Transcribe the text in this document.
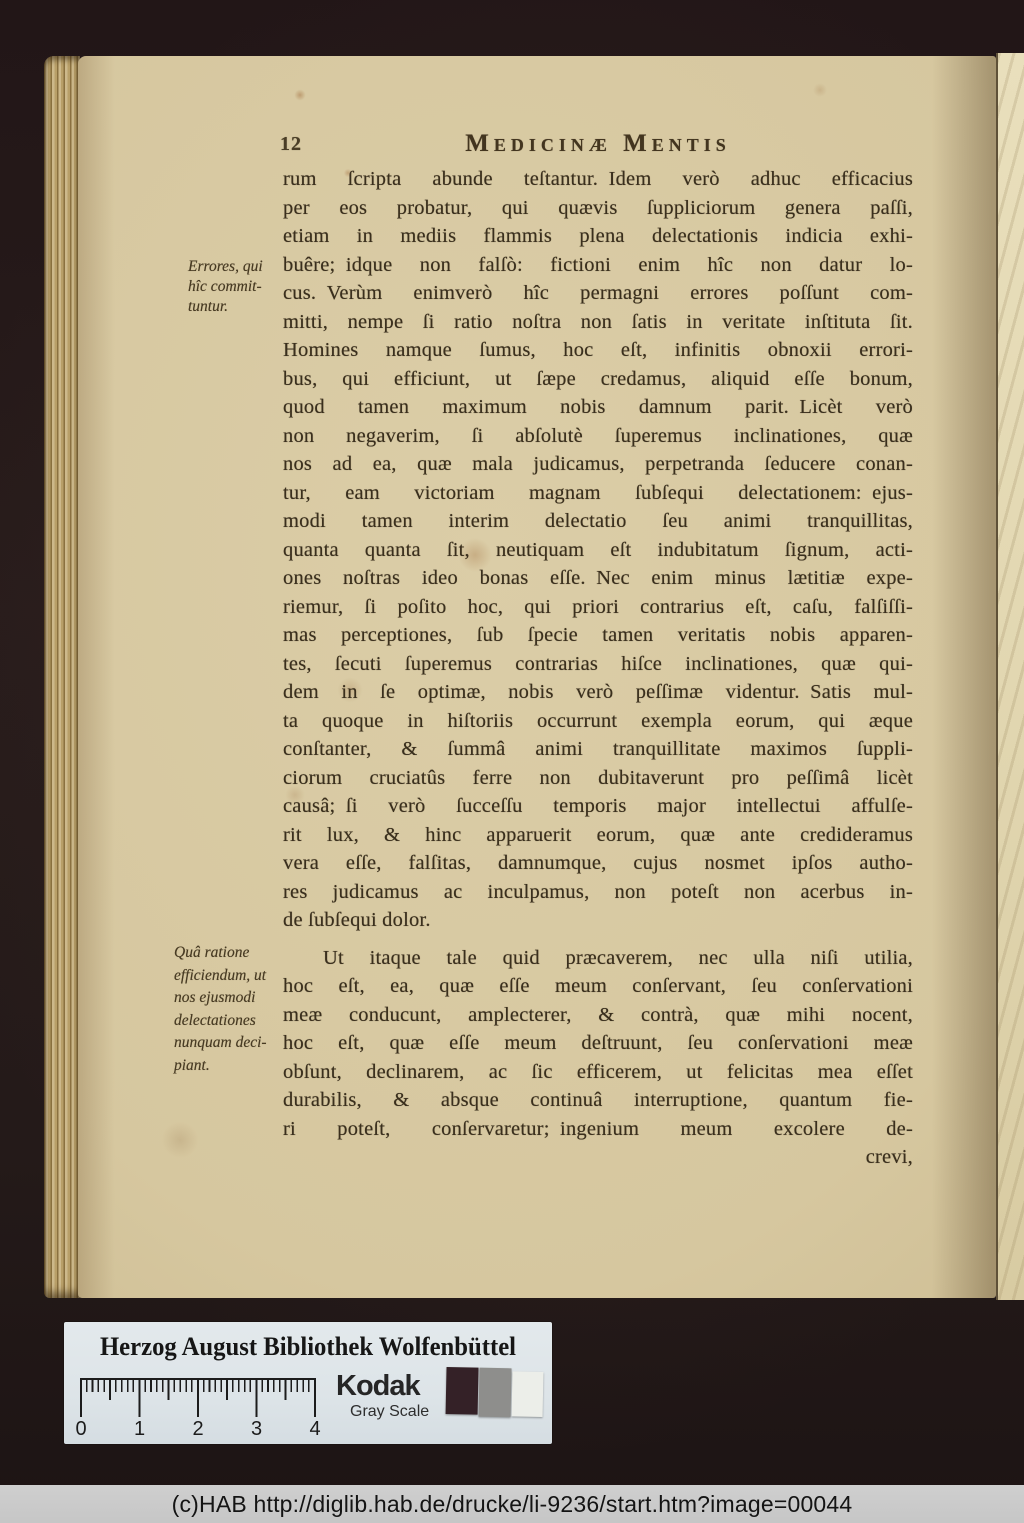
12	Medicinæ Mentis
Errores, qui
hîc commit-
tuntur.
Quâ ratione
efficiendum, ut
nos ejusmodi
delectationes
nunquam deci-
piant.
rum ſcripta abunde teſtantur. Idem verò adhuc efficacius
per eos probatur, qui quævis ſuppliciorum genera paſſi,
etiam in mediis flammis plena delectationis indicia exhi-
buêre; idque non falſò: fictioni enim hîc non datur lo-
cus. Verùm enimverò hîc permagni errores poſſunt com-
mitti, nempe ſi ratio noſtra non ſatis in veritate inſtituta ſit.
Homines namque ſumus, hoc eſt, infinitis obnoxii errori-
bus, qui efficiunt, ut ſæpe credamus, aliquid eſſe bonum,
quod tamen maximum nobis damnum parit. Licèt verò
non negaverim, ſi abſolutè ſuperemus inclinationes, quæ
nos ad ea, quæ mala judicamus, perpetranda ſeducere conan-
tur, eam victoriam magnam ſubſequi delectationem: ejus-
modi tamen interim delectatio ſeu animi tranquillitas,
quanta quanta ſit, neutiquam eſt indubitatum ſignum, acti-
ones noſtras ideo bonas eſſe. Nec enim minus lætitiæ expe-
riemur, ſi poſito hoc, qui priori contrarius eſt, caſu, falſiſſi-
mas perceptiones, ſub ſpecie tamen veritatis nobis apparen-
tes, ſecuti ſuperemus contrarias hiſce inclinationes, quæ qui-
dem in ſe optimæ, nobis verò peſſimæ videntur. Satis mul-
ta quoque in hiſtoriis occurrunt exempla eorum, qui æque
conſtanter, & ſummâ animi tranquillitate maximos ſuppli-
ciorum cruciatûs ferre non dubitaverunt pro peſſimâ licèt
causâ; ſi verò ſucceſſu temporis major intellectui affulſe-
rit lux, & hinc apparuerit eorum, quæ ante credideramus
vera eſſe, falſitas, damnumque, cujus nosmet ipſos autho-
res judicamus ac inculpamus, non poteſt non acerbus in-
de ſubſequi dolor.
Ut itaque tale quid præcaverem, nec ulla niſi utilia,
hoc eſt, ea, quæ eſſe meum conſervant, ſeu conſervationi
meæ conducunt, amplecterer, & contrà, quæ mihi nocent,
hoc eſt, quæ eſſe meum deſtruunt, ſeu conſervationi meæ
obſunt, declinarem, ac ſic efficerem, ut felicitas mea eſſet
durabilis, & absque continuâ interruptione, quantum fie-
ri poteſt, conſervaretur; ingenium meum excolere de-
crevi,
Herzog August Bibliothek Wolfenbüttel
0 1 2 3 4
Kodak
Gray Scale
(c)HAB http://diglib.hab.de/drucke/li-9236/start.htm?image=00044
